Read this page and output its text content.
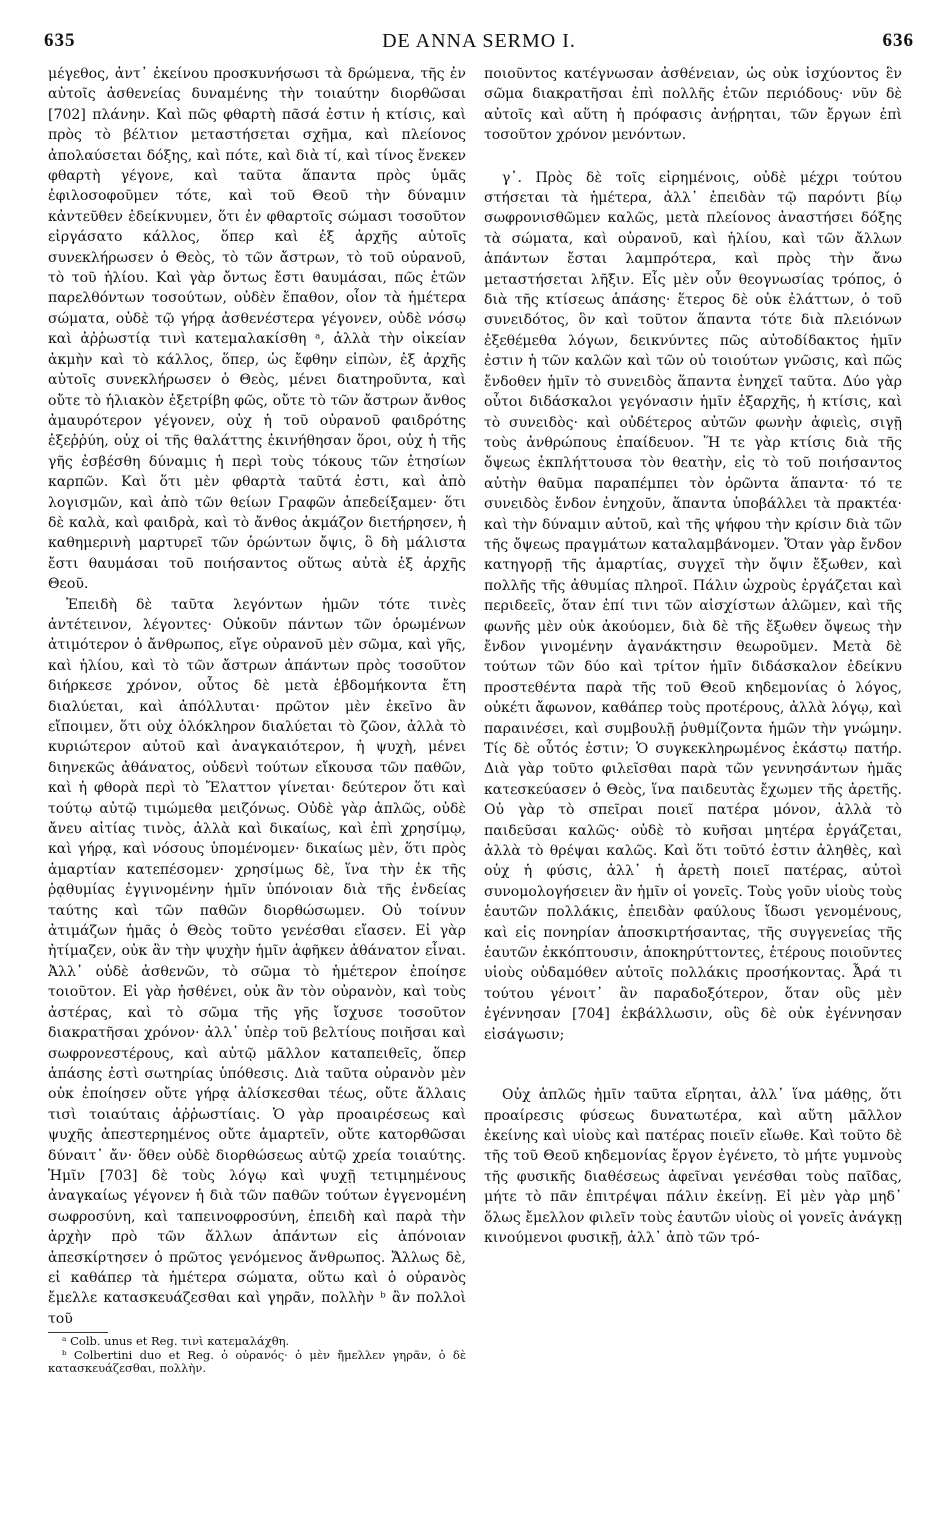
635	DE ANNA SERMO I.	636

μέγεθος, ἀντ᾽ ἐκείνου προσκυνήσωσι τὰ δρώμενα, τῆς ἐν αὐτοῖς ἀσθενείας δυναμένης τὴν τοιαύτην διορθῶσαι [702] πλάνην. Καὶ πῶς φθαρτὴ πᾶσά ἐστιν ἡ κτίσις, καὶ πρὸς τὸ βέλτιον μεταστήσεται σχῆμα, καὶ πλείονος ἀπολαύσεται δόξης, καὶ πότε, καὶ διὰ τί, καὶ τίνος ἕνεκεν φθαρτὴ γέγονε, καὶ ταῦτα ἅπαντα πρὸς ὑμᾶς ἐφιλοσοφοῦμεν τότε, καὶ τοῦ Θεοῦ τὴν δύναμιν κἀντεῦθεν ἐδείκνυμεν, ὅτι ἐν φθαρτοῖς σώμασι τοσοῦτον εἰργάσατο κάλλος, ὅπερ καὶ ἐξ ἀρχῆς αὐτοῖς συνεκλήρωσεν ὁ Θεὸς, τὸ τῶν ἄστρων, τὸ τοῦ οὐρανοῦ, τὸ τοῦ ἡλίου. Καὶ γὰρ ὄντως ἔστι θαυμάσαι, πῶς ἐτῶν παρελθόντων τοσούτων, οὐδὲν ἔπαθον, οἷον τὰ ἡμέτερα σώματα, οὐδὲ τῷ γήρᾳ ἀσθενέστερα γέγονεν, οὐδὲ νόσῳ καὶ ἀῤῥωστίᾳ τινὶ κατεμαλακίσθη ᵃ, ἀλλὰ τὴν οἰκείαν ἀκμὴν καὶ τὸ κάλλος, ὅπερ, ὡς ἔφθην εἰπὼν, ἐξ ἀρχῆς αὐτοῖς συνεκλήρωσεν ὁ Θεὸς, μένει διατηροῦντα, καὶ οὔτε τὸ ἡλιακὸν ἐξετρίβη φῶς, οὔτε τὸ τῶν ἄστρων ἄνθος ἀμαυρότερον γέγονεν, οὐχ ἡ τοῦ οὐρανοῦ φαιδρότης ἐξεῤῥύη, οὐχ οἱ τῆς θαλάττης ἐκινήθησαν ὅροι, οὐχ ἡ τῆς γῆς ἐσβέσθη δύναμις ἡ περὶ τοὺς τόκους τῶν ἐτησίων καρπῶν. Καὶ ὅτι μὲν φθαρτὰ ταῦτά ἐστι, καὶ ἀπὸ λογισμῶν, καὶ ἀπὸ τῶν θείων Γραφῶν ἀπεδείξαμεν· ὅτι δὲ καλὰ, καὶ φαιδρὰ, καὶ τὸ ἄνθος ἀκμάζον διετήρησεν, ἡ καθημερινὴ μαρτυρεῖ τῶν ὁρώντων ὄψις, ὃ δὴ μάλιστα ἔστι θαυμάσαι τοῦ ποιήσαντος οὕτως αὐτὰ ἐξ ἀρχῆς Θεοῦ.

Ἐπειδὴ δὲ ταῦτα λεγόντων ἡμῶν τότε τινὲς ἀντέτεινον, λέγοντες· Οὐκοῦν πάντων τῶν ὁρωμένων ἀτιμότερον ὁ ἄνθρωπος, εἴγε οὐρανοῦ μὲν σῶμα, καὶ γῆς, καὶ ἡλίου, καὶ τὸ τῶν ἄστρων ἁπάντων πρὸς τοσοῦτον διήρκεσε χρόνον, οὗτος δὲ μετὰ ἑβδομήκοντα ἔτη διαλύεται, καὶ ἀπόλλυται· πρῶτον μὲν ἐκεῖνο ἂν εἴποιμεν, ὅτι οὐχ ὁλόκληρον διαλύεται τὸ ζῶον, ἀλλὰ τὸ κυριώτερον αὐτοῦ καὶ ἀναγκαιότερον, ἡ ψυχὴ, μένει διηνεκῶς ἀθάνατος, οὐδενὶ τούτων εἴκουσα τῶν παθῶν, καὶ ἡ φθορὰ περὶ τὸ Ἔλαττον γίνεται· δεύτερον ὅτι καὶ τούτῳ αὐτῷ τιμώμεθα μειζόνως. Οὐδὲ γὰρ ἁπλῶς, οὐδὲ ἄνευ αἰτίας τινὸς, ἀλλὰ καὶ δικαίως, καὶ ἐπὶ χρησίμῳ, καὶ γήρᾳ, καὶ νόσους ὑπομένομεν· δικαίως μὲν, ὅτι πρὸς ἁμαρτίαν κατεπέσομεν· χρησίμως δὲ, ἵνα τὴν ἐκ τῆς ῥᾳθυμίας ἐγγινομένην ἡμῖν ὑπόνοιαν διὰ τῆς ἐνδείας ταύτης καὶ τῶν παθῶν διορθώσωμεν. Οὐ τοίνυν ἀτιμάζων ἡμᾶς ὁ Θεὸς τοῦτο γενέσθαι εἴασεν. Εἰ γὰρ ἠτίμαζεν, οὐκ ἂν τὴν ψυχὴν ἡμῖν ἀφῆκεν ἀθάνατον εἶναι. Ἀλλ᾽ οὐδὲ ἀσθενῶν, τὸ σῶμα τὸ ἡμέτερον ἐποίησε τοιοῦτον. Εἰ γὰρ ἠσθένει, οὐκ ἂν τὸν οὐρανὸν, καὶ τοὺς ἀστέρας, καὶ τὸ σῶμα τῆς γῆς ἴσχυσε τοσοῦτον διακρατῆσαι χρόνον· ἀλλ᾽ ὑπὲρ τοῦ βελτίους ποιῆσαι καὶ σωφρονεστέρους, καὶ αὐτῷ μᾶλλον καταπειθεῖς, ὅπερ ἁπάσης ἐστὶ σωτηρίας ὑπόθεσις. Διὰ ταῦτα οὐρανὸν μὲν οὐκ ἐποίησεν οὔτε γήρᾳ ἁλίσκεσθαι τέως, οὔτε ἄλλαις τισὶ τοιαύταις ἀῤῥωστίαις. Ὁ γὰρ προαιρέσεως καὶ ψυχῆς ἀπεστερημένος οὔτε ἁμαρτεῖν, οὔτε κατορθῶσαι δύναιτ᾽ ἄν· ὅθεν οὐδὲ διορθώσεως αὐτῷ χρεία τοιαύτης. Ἡμῖν [703] δὲ τοὺς λόγῳ καὶ ψυχῇ τετιμημένους ἀναγκαίως γέγονεν ἡ διὰ τῶν παθῶν τούτων ἐγγενομένη σωφροσύνη, καὶ ταπεινοφροσύνη, ἐπειδὴ καὶ παρὰ τὴν ἀρχὴν πρὸ τῶν ἄλλων ἁπάντων εἰς ἀπόνοιαν ἀπεσκίρτησεν ὁ πρῶτος γενόμενος ἄνθρωπος. Ἄλλως δὲ, εἰ καθάπερ τὰ ἡμέτερα σώματα, οὕτω καὶ ὁ οὐρανὸς ἔμελλε κατασκευάζεσθαι καὶ γηρᾶν, πολλὴν ᵇ ἂν πολλοὶ τοῦ

ᵃ Colb. unus et Reg. τινὶ κατεμαλάχθη.

ᵇ Colbertini duo et Reg. ὁ οὐρανός· ὁ μὲν ἤμελλεν γηρᾶν, ὁ δὲ κατασκευάζεσθαι, πολλὴν.

ποιοῦντος κατέγνωσαν ἀσθένειαν, ὡς οὐκ ἰσχύοντος ἓν σῶμα διακρατῆσαι ἐπὶ πολλῆς ἐτῶν περιόδους· νῦν δὲ αὐτοῖς καὶ αὕτη ἡ πρόφασις ἀνῄρηται, τῶν ἔργων ἐπὶ τοσοῦτον χρόνον μενόντων.

γ᾽. Πρὸς δὲ τοῖς εἰρημένοις, οὐδὲ μέχρι τούτου στήσεται τὰ ἡμέτερα, ἀλλ᾽ ἐπειδὰν τῷ παρόντι βίῳ σωφρονισθῶμεν καλῶς, μετὰ πλείονος ἀναστήσει δόξης τὰ σώματα, καὶ οὐρανοῦ, καὶ ἡλίου, καὶ τῶν ἄλλων ἁπάντων ἔσται λαμπρότερα, καὶ πρὸς τὴν ἄνω μεταστήσεται λῆξιν. Εἷς μὲν οὖν θεογνωσίας τρόπος, ὁ διὰ τῆς κτίσεως ἁπάσης· ἕτερος δὲ οὐκ ἐλάττων, ὁ τοῦ συνειδότος, ὃν καὶ τοῦτον ἅπαντα τότε διὰ πλειόνων ἐξεθέμεθα λόγων, δεικνύντες πῶς αὐτοδίδακτος ἡμῖν ἐστιν ἡ τῶν καλῶν καὶ τῶν οὐ τοιούτων γνῶσις, καὶ πῶς ἔνδοθεν ἡμῖν τὸ συνειδὸς ἅπαντα ἐνηχεῖ ταῦτα. Δύο γὰρ οὗτοι διδάσκαλοι γεγόνασιν ἡμῖν ἐξαρχῆς, ἡ κτίσις, καὶ τὸ συνειδὸς· καὶ οὐδέτερος αὐτῶν φωνὴν ἀφιεὶς, σιγῇ τοὺς ἀνθρώπους ἐπαίδευον. Ἥ τε γὰρ κτίσις διὰ τῆς ὄψεως ἐκπλήττουσα τὸν θεατὴν, εἰς τὸ τοῦ ποιήσαντος αὐτὴν θαῦμα παραπέμπει τὸν ὁρῶντα ἅπαντα· τό τε συνειδὸς ἔνδον ἐνηχοῦν, ἅπαντα ὑποβάλλει τὰ πρακτέα· καὶ τὴν δύναμιν αὐτοῦ, καὶ τῆς ψήφου τὴν κρίσιν διὰ τῶν τῆς ὄψεως πραγμάτων καταλαμβάνομεν. Ὅταν γὰρ ἔνδον κατηγορῇ τῆς ἁμαρτίας, συγχεῖ τὴν ὄψιν ἔξωθεν, καὶ πολλῆς τῆς ἀθυμίας πληροῖ. Πάλιν ὠχροὺς ἐργάζεται καὶ περιδεεῖς, ὅταν ἐπί τινι τῶν αἰσχίστων ἁλῶμεν, καὶ τῆς φωνῆς μὲν οὐκ ἀκούομεν, διὰ δὲ τῆς ἔξωθεν ὄψεως τὴν ἔνδον γινομένην ἀγανάκτησιν θεωροῦμεν. Μετὰ δὲ τούτων τῶν δύο καὶ τρίτον ἡμῖν διδάσκαλον ἐδείκνυ προστεθέντα παρὰ τῆς τοῦ Θεοῦ κηδεμονίας ὁ λόγος, οὐκέτι ἄφωνον, καθάπερ τοὺς προτέρους, ἀλλὰ λόγῳ, καὶ παραινέσει, καὶ συμβουλῇ ῥυθμίζοντα ἡμῶν τὴν γνώμην. Τίς δὲ οὗτός ἐστιν; Ὁ συγκεκληρωμένος ἑκάστῳ πατήρ. Διὰ γὰρ τοῦτο φιλεῖσθαι παρὰ τῶν γεννησάντων ἡμᾶς κατεσκεύασεν ὁ Θεὸς, ἵνα παιδευτὰς ἔχωμεν τῆς ἀρετῆς. Οὐ γὰρ τὸ σπεῖραι ποιεῖ πατέρα μόνον, ἀλλὰ τὸ παιδεῦσαι καλῶς· οὐδὲ τὸ κυῆσαι μητέρα ἐργάζεται, ἀλλὰ τὸ θρέψαι καλῶς. Καὶ ὅτι τοῦτό ἐστιν ἀληθὲς, καὶ οὐχ ἡ φύσις, ἀλλ᾽ ἡ ἀρετὴ ποιεῖ πατέρας, αὐτοὶ συνομολογήσειεν ἂν ἡμῖν οἱ γονεῖς. Τοὺς γοῦν υἱοὺς τοὺς ἑαυτῶν πολλάκις, ἐπειδὰν φαύλους ἴδωσι γενομένους, καὶ εἰς πονηρίαν ἀποσκιρτήσαντας, τῆς συγγενείας τῆς ἑαυτῶν ἐκκόπτουσιν, ἀποκηρύττοντες, ἑτέρους ποιοῦντες υἱοὺς οὐδαμόθεν αὐτοῖς πολλάκις προσήκοντας. Ἆρά τι τούτου γένοιτ᾽ ἂν παραδοξότερον, ὅταν οὓς μὲν ἐγέννησαν [704] ἐκβάλλωσιν, οὓς δὲ οὐκ ἐγέννησαν εἰσάγωσιν;

Οὐχ ἁπλῶς ἡμῖν ταῦτα εἴρηται, ἀλλ᾽ ἵνα μάθῃς, ὅτι προαίρεσις φύσεως δυνατωτέρα, καὶ αὕτη μᾶλλον ἐκείνης καὶ υἱοὺς καὶ πατέρας ποιεῖν εἴωθε. Καὶ τοῦτο δὲ τῆς τοῦ Θεοῦ κηδεμονίας ἔργον ἐγένετο, τὸ μήτε γυμνοὺς τῆς φυσικῆς διαθέσεως ἀφεῖναι γενέσθαι τοὺς παῖδας, μήτε τὸ πᾶν ἐπιτρέψαι πάλιν ἐκείνῃ. Εἰ μὲν γὰρ μηδ᾽ ὅλως ἔμελλον φιλεῖν τοὺς ἑαυτῶν υἱοὺς οἱ γονεῖς ἀνάγκῃ κινούμενοι φυσικῇ, ἀλλ᾽ ἀπὸ τῶν τρό-
